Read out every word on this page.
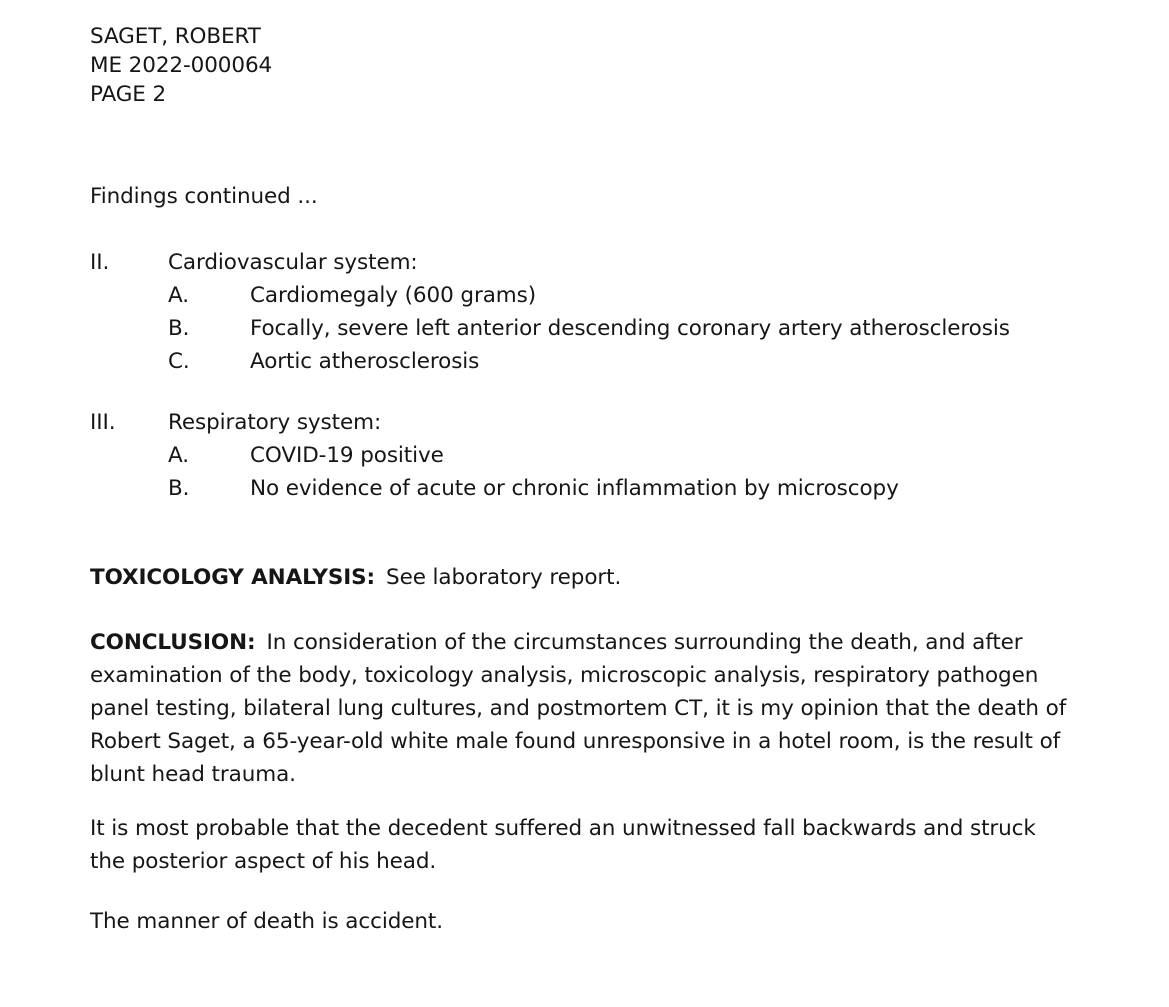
SAGET, ROBERT
ME 2022-000064
PAGE 2
Findings continued ...
II.	Cardiovascular system:
A.	Cardiomegaly (600 grams)
B.	Focally, severe left anterior descending coronary artery atherosclerosis
C.	Aortic atherosclerosis
III.	Respiratory system:
A.	COVID-19 positive
B.	No evidence of acute or chronic inflammation by microscopy
TOXICOLOGY ANALYSIS: See laboratory report.
CONCLUSION: In consideration of the circumstances surrounding the death, and after examination of the body, toxicology analysis, microscopic analysis, respiratory pathogen panel testing, bilateral lung cultures, and postmortem CT, it is my opinion that the death of Robert Saget, a 65-year-old white male found unresponsive in a hotel room, is the result of blunt head trauma.
It is most probable that the decedent suffered an unwitnessed fall backwards and struck the posterior aspect of his head.
The manner of death is accident.
